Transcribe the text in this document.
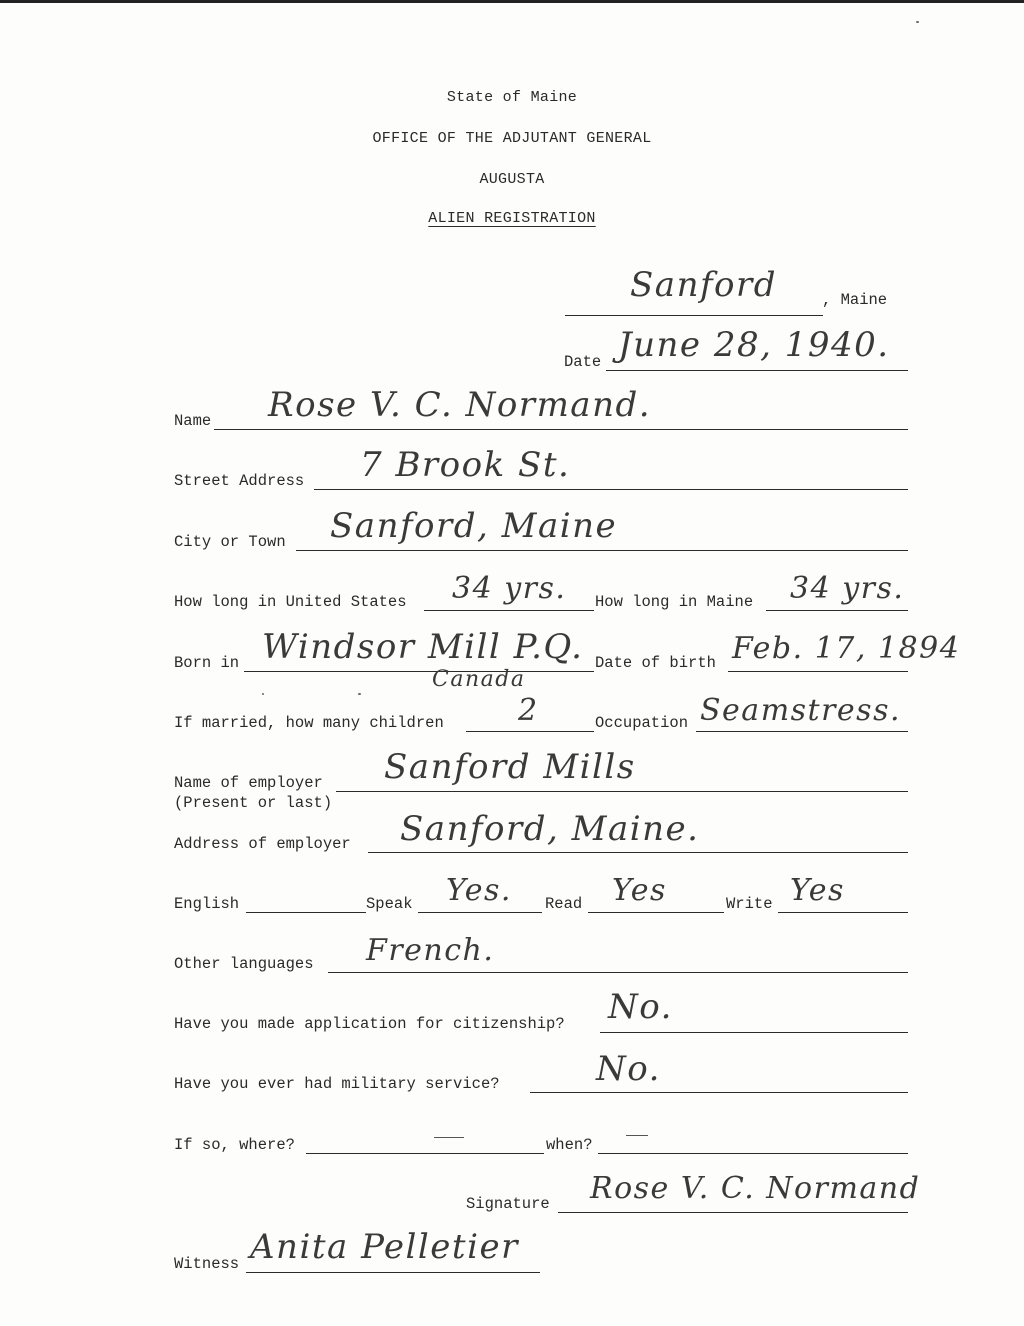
State of Maine
OFFICE OF THE ADJUTANT GENERAL
AUGUSTA
ALIEN REGISTRATION
Sanford	, Maine
Date June 28, 1940.
Name Rose V. C. Normand.
Street Address 7 Brook St.
City or Town Sanford, Maine
How long in United States 34 yrs. How long in Maine 34 yrs.
Born in Windsor Mill P.Q.
Canada
Date of birth Feb. 17, 1894
If married, how many children 2	Occupation Seamstress.
Name of employer
(Present or last)
Sanford Mills
Address of employer Sanford, Maine.
English	Speak Yes. Read Yes	Write Yes
Other languages French.
Have you made application for citizenship? No.
Have you ever had military service?	No.
If so, where?	when?
Signature Rose V. C. Normand
Witness Anita Pelletier
